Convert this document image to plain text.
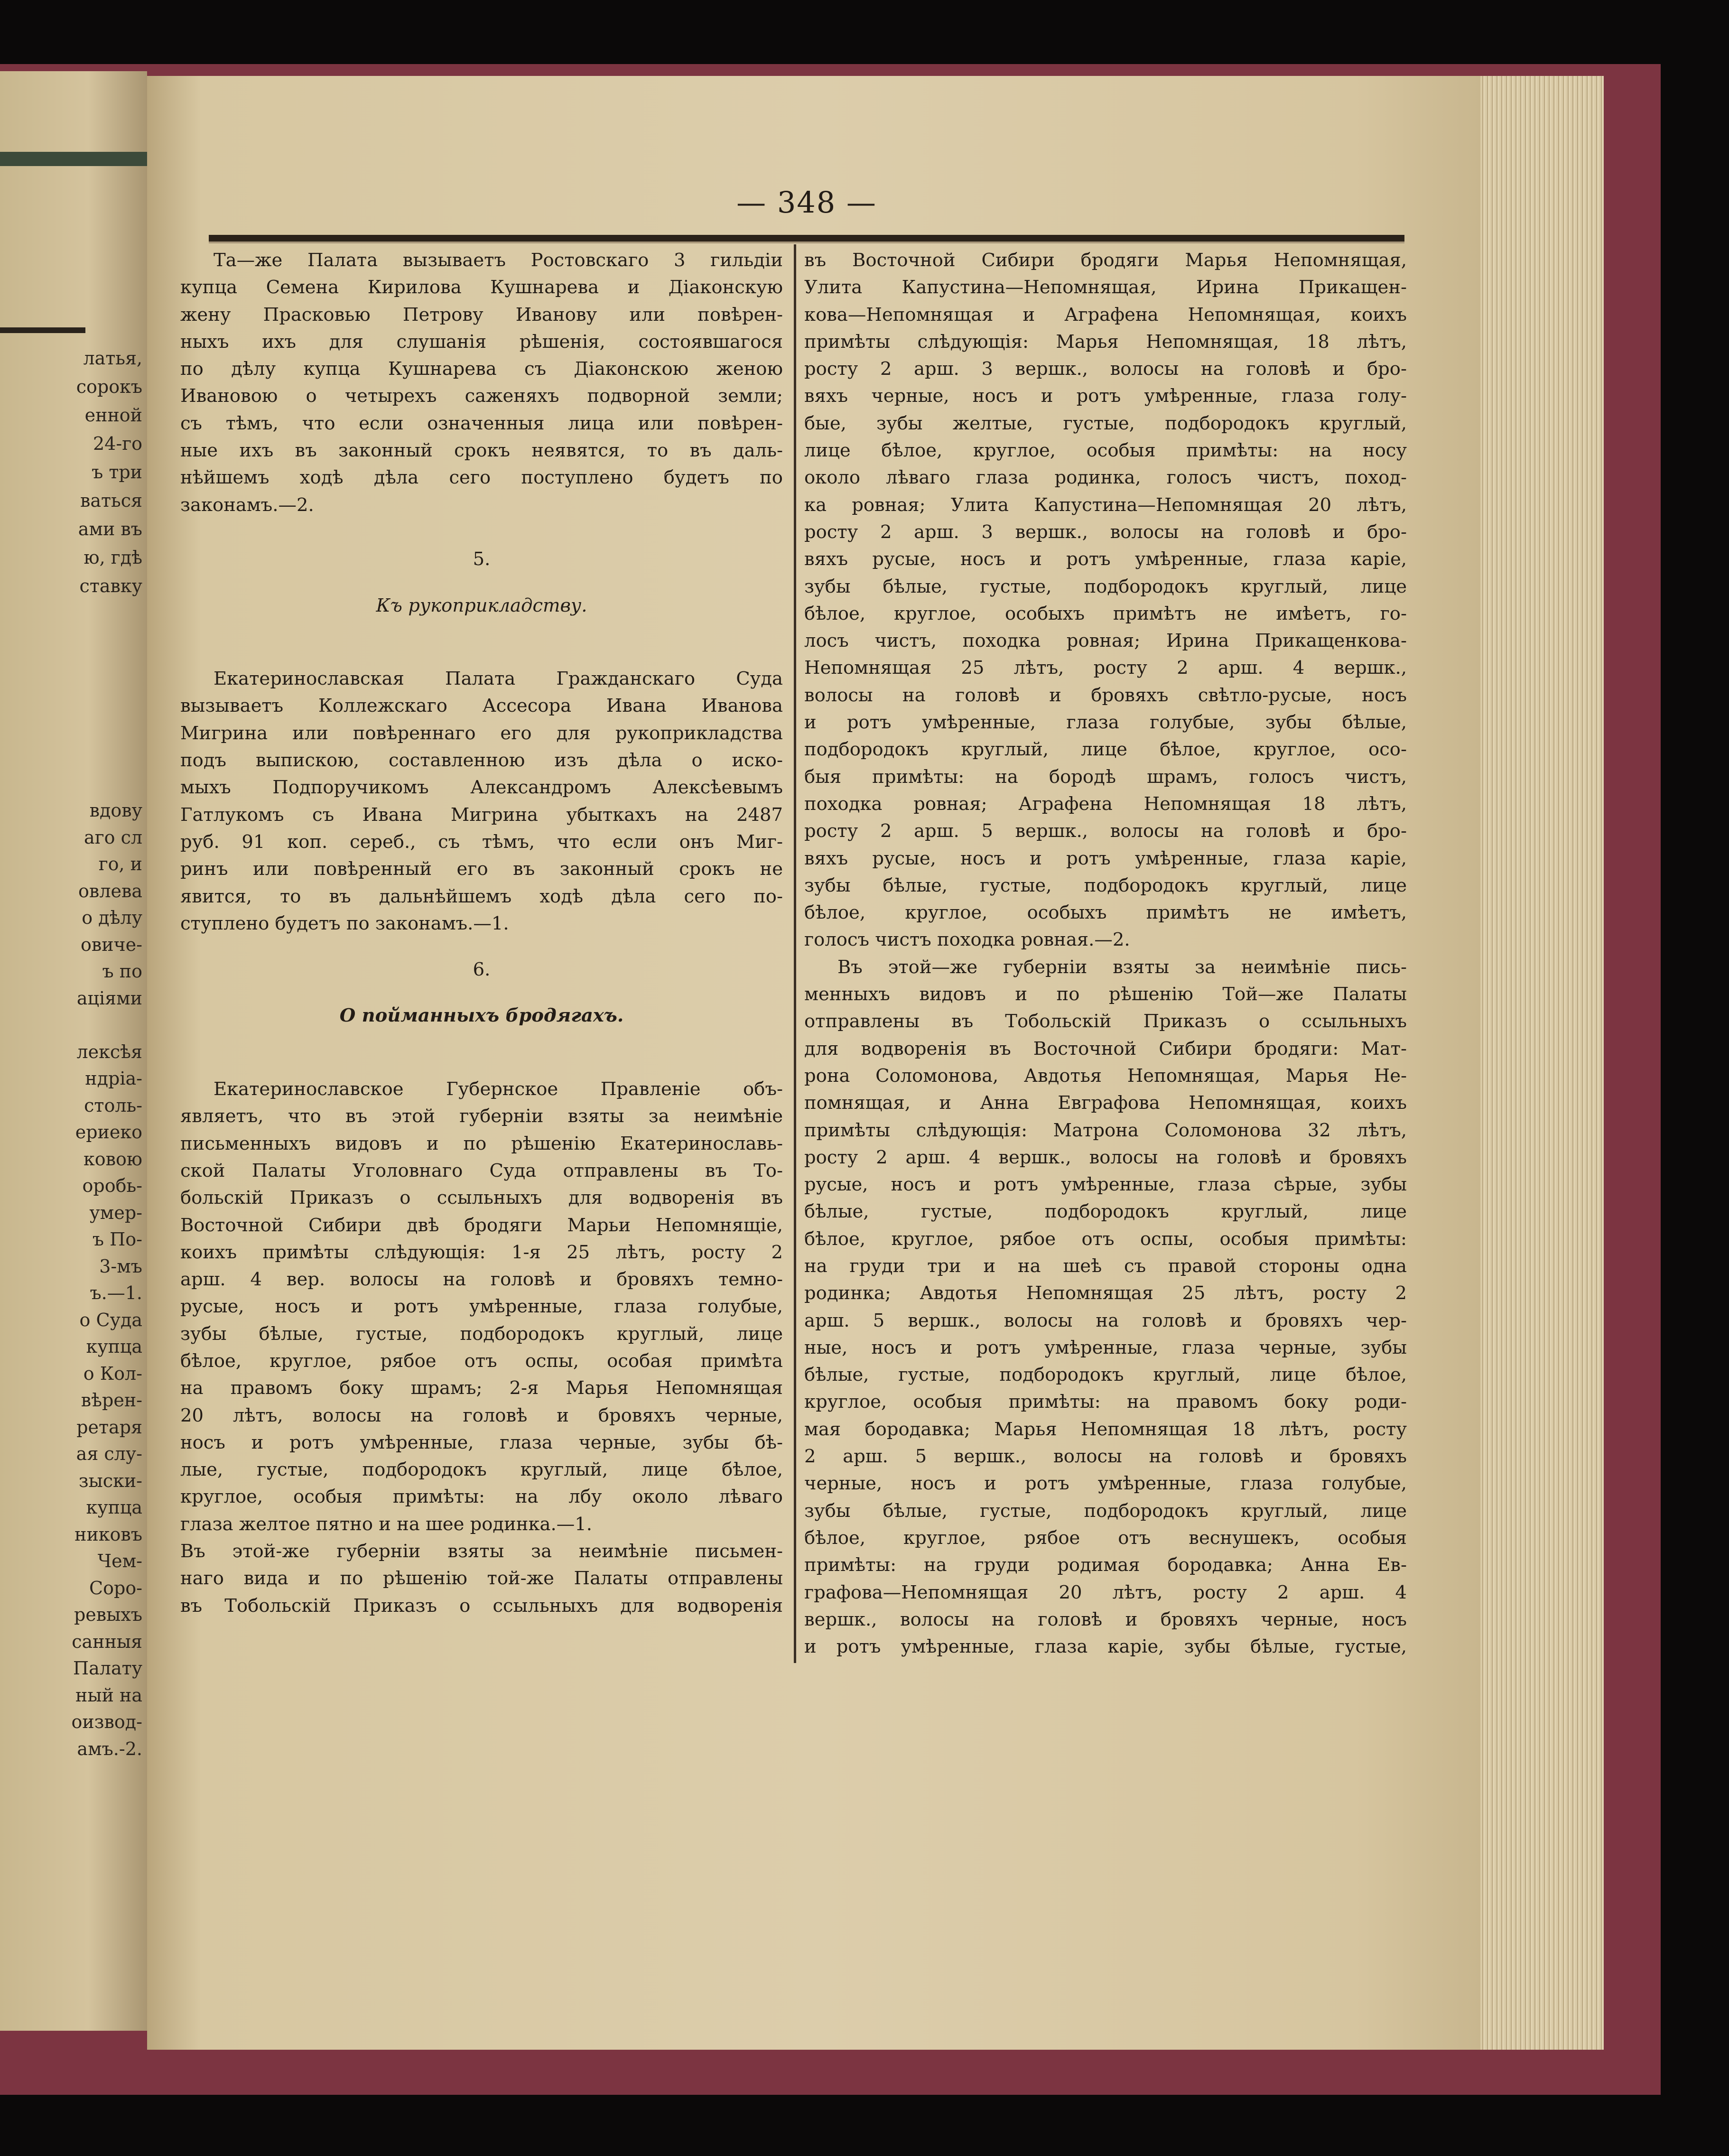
латья,
сорокъ
енной
24-го
ъ три
ваться
ами въ
ю, гдѣ
ставку
вдову
аго сл
го, и
овлева
о дѣлу
овиче-
ъ по
аціями
лексѣя
ндріа-
столь-
ериеко
ковою
оробь-
умер-
ъ По-
3-мъ
ъ.—1.
о Суда
купца
о Кол-
вѣрен-
ретаря
ая слу-
зыски-
купца
никовъ
Чем-
Соро-
ревыхъ
санныя
Палату
ный на
оизвод-
амъ.-2.
— 348 —
Та—же Палата вызываетъ Ростовскаго 3 гильдіи
купца Семена Кирилова Кушнарева и Діаконскую
жену Прасковью Петрову Иванову или повѣрен-
ныхъ ихъ для слушанія рѣшенія, состоявшагося
по дѣлу купца Кушнарева съ Діаконскою женою
Ивановою о четырехъ саженяхъ подворной земли;
съ тѣмъ, что если означенныя лица или повѣрен-
ные ихъ въ законный срокъ неявятся, то въ даль-
нѣйшемъ ходѣ дѣла сего поступлено будетъ по
законамъ.—2.
5.
Къ рукоприкладству.
Екатеринославская Палата Гражданскаго Суда
вызываетъ Коллежскаго Ассесора Ивана Иванова
Мигрина или повѣреннаго его для рукоприкладства
подъ выпискою, составленною изъ дѣла о иско-
мыхъ Подпоручикомъ Александромъ Алексѣевымъ
Гатлукомъ съ Ивана Мигрина убыткахъ на 2487
руб. 91 коп. сереб., съ тѣмъ, что если онъ Миг-
ринъ или повѣренный его въ законный срокъ не
явится, то въ дальнѣйшемъ ходѣ дѣла сего по-
ступлено будетъ по законамъ.—1.
6.
О пойманныхъ бродягахъ.
Екатеринославское Губернское Правленіе объ-
являетъ, что въ этой губерніи взяты за неимѣніе
письменныхъ видовъ и по рѣшенію Екатеринославь-
ской Палаты Уголовнаго Суда отправлены въ То-
больскій Приказъ о ссыльныхъ для водворенія въ
Восточной Сибири двѣ бродяги Марьи Непомнящіе,
коихъ примѣты слѣдующія: 1-я 25 лѣтъ, росту 2
арш. 4 вер. волосы на головѣ и бровяхъ темно-
русые, носъ и ротъ умѣренные, глаза голубые,
зубы бѣлые, густые, подбородокъ круглый, лице
бѣлое, круглое, рябое отъ оспы, особая примѣта
на правомъ боку шрамъ; 2-я Марья Непомнящая
20 лѣтъ, волосы на головѣ и бровяхъ черные,
носъ и ротъ умѣренные, глаза черные, зубы бѣ-
лые, густые, подбородокъ круглый, лице бѣлое,
круглое, особыя примѣты: на лбу около лѣваго
глаза желтое пятно и на шее родинка.—1.
Въ этой-же губерніи взяты за неимѣніе письмен-
наго вида и по рѣшенію той-же Палаты отправлены
въ Тобольскій Приказъ о ссыльныхъ для водворенія
въ Восточной Сибири бродяги Марья Непомнящая,
Улита Капустина—Непомнящая, Ирина Прикащен-
кова—Непомнящая и Аграфена Непомнящая, коихъ
примѣты слѣдующія: Марья Непомнящая, 18 лѣтъ,
росту 2 арш. 3 вершк., волосы на головѣ и бро-
вяхъ черные, носъ и ротъ умѣренные, глаза голу-
бые, зубы желтые, густые, подбородокъ круглый,
лице бѣлое, круглое, особыя примѣты: на носу
около лѣваго глаза родинка, голосъ чистъ, поход-
ка ровная; Улита Капустина—Непомнящая 20 лѣтъ,
росту 2 арш. 3 вершк., волосы на головѣ и бро-
вяхъ русые, носъ и ротъ умѣренные, глаза каріе,
зубы бѣлые, густые, подбородокъ круглый, лице
бѣлое, круглое, особыхъ примѣтъ не имѣетъ, го-
лосъ чистъ, походка ровная; Ирина Прикащенкова-
Непомнящая 25 лѣтъ, росту 2 арш. 4 вершк.,
волосы на головѣ и бровяхъ свѣтло-русые, носъ
и ротъ умѣренные, глаза голубые, зубы бѣлые,
подбородокъ круглый, лице бѣлое, круглое, осо-
быя примѣты: на бородѣ шрамъ, голосъ чистъ,
походка ровная; Аграфена Непомнящая 18 лѣтъ,
росту 2 арш. 5 вершк., волосы на головѣ и бро-
вяхъ русые, носъ и ротъ умѣренные, глаза каріе,
зубы бѣлые, густые, подбородокъ круглый, лице
бѣлое, круглое, особыхъ примѣтъ не имѣетъ,
голосъ чистъ походка ровная.—2.
Въ этой—же губерніи взяты за неимѣніе пись-
менныхъ видовъ и по рѣшенію Той—же Палаты
отправлены въ Тобольскій Приказъ о ссыльныхъ
для водворенія въ Восточной Сибири бродяги: Мат-
рона Соломонова, Авдотья Непомнящая, Марья Не-
помнящая, и Анна Евграфова Непомнящая, коихъ
примѣты слѣдующія: Матрона Соломонова 32 лѣтъ,
росту 2 арш. 4 вершк., волосы на головѣ и бровяхъ
русые, носъ и ротъ умѣренные, глаза сѣрые, зубы
бѣлые, густые, подбородокъ круглый, лице
бѣлое, круглое, рябое отъ оспы, особыя примѣты:
на груди три и на шеѣ съ правой стороны одна
родинка; Авдотья Непомнящая 25 лѣтъ, росту 2
арш. 5 вершк., волосы на головѣ и бровяхъ чер-
ные, носъ и ротъ умѣренные, глаза черные, зубы
бѣлые, густые, подбородокъ круглый, лице бѣлое,
круглое, особыя примѣты: на правомъ боку роди-
мая бородавка; Марья Непомнящая 18 лѣтъ, росту
2 арш. 5 вершк., волосы на головѣ и бровяхъ
черные, носъ и ротъ умѣренные, глаза голубые,
зубы бѣлые, густые, подбородокъ круглый, лице
бѣлое, круглое, рябое отъ веснушекъ, особыя
примѣты: на груди родимая бородавка; Анна Ев-
графова—Непомнящая 20 лѣтъ, росту 2 арш. 4
вершк., волосы на головѣ и бровяхъ черные, носъ
и ротъ умѣренные, глаза каріе, зубы бѣлые, густые,
